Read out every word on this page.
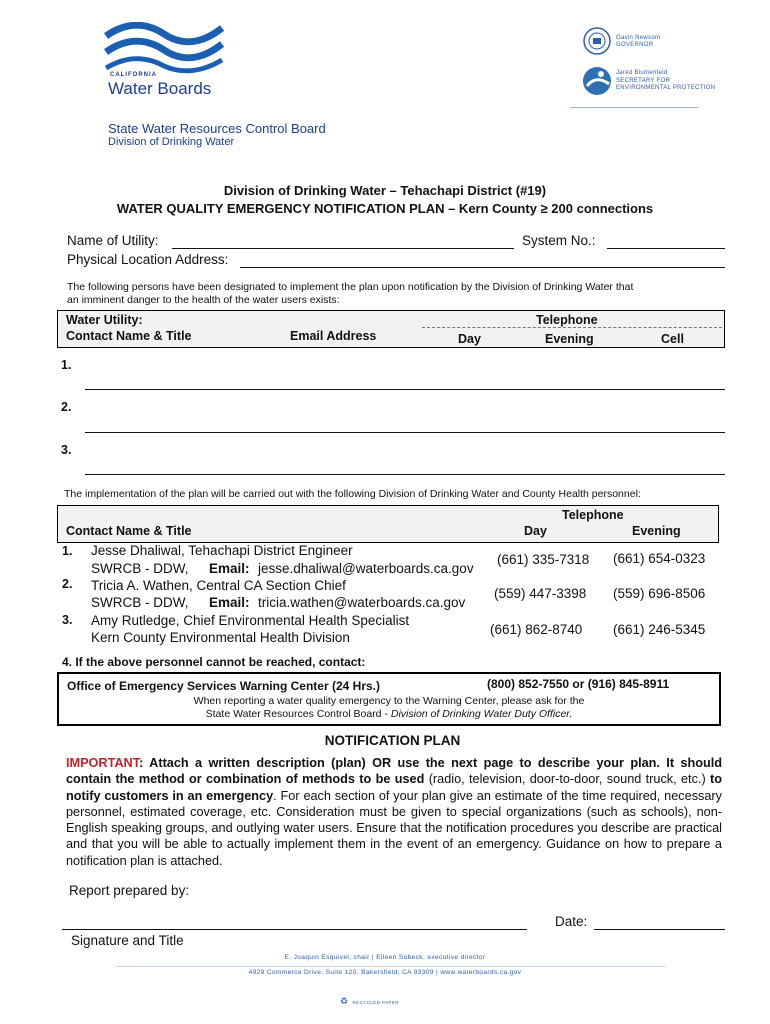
CALIFORNIA
Water Boards
Gavin Newsom
GOVERNOR
Jared Blumenfeld
SECRETARY FOR
ENVIRONMENTAL PROTECTION
State Water Resources Control Board
Division of Drinking Water
Division of Drinking Water – Tehachapi District (#19)
WATER QUALITY EMERGENCY NOTIFICATION PLAN – Kern County ≥ 200 connections
Name of Utility:	System No.:
Physical Location Address:
The following persons have been designated to implement the plan upon notification by the Division of Drinking Water that
an imminent danger to the health of the water users exists:
Water Utility:
Contact Name & Title	Email Address
Telephone
Day	Evening	Cell
1.
2.
3.
The implementation of the plan will be carried out with the following Division of Drinking Water and County Health personnel:
Contact Name & Title
Telephone
Day	Evening
1. Jesse Dhaliwal, Tehachapi District Engineer
SWRCB - DDW, Email: jesse.dhaliwal@waterboards.ca.gov
(661) 335-7318 (661) 654-0323
2. Tricia A. Wathen, Central CA Section Chief
SWRCB - DDW, Email: tricia.wathen@waterboards.ca.gov
(559) 447-3398 (559) 696-8506
3. Amy Rutledge, Chief Environmental Health Specialist
Kern County Environmental Health Division
(661) 862-8740 (661) 246-5345
4. If the above personnel cannot be reached, contact:
Office of Emergency Services Warning Center (24 Hrs.)	(800) 852-7550 or (916) 845-8911
When reporting a water quality emergency to the Warning Center, please ask for the
State Water Resources Control Board - Division of Drinking Water Duty Officer.
NOTIFICATION PLAN
IMPORTANT: Attach a written description (plan) OR use the next page to describe your plan. It should contain the method or combination of methods to be used (radio, television, door-to-door, sound truck, etc.) to notify customers in an emergency. For each section of your plan give an estimate of the time required, necessary personnel, estimated coverage, etc. Consideration must be given to special organizations (such as schools), non-English speaking groups, and outlying water users. Ensure that the notification procedures you describe are practical and that you will be able to actually implement them in the event of an emergency. Guidance on how to prepare a notification plan is attached.
Report prepared by:
Date:
Signature and Title
E. Joaquin Esquivel, chair | Eileen Sobeck, executive director
4929 Commerce Drive, Suite 120, Bakersfield, CA 93309 | www.waterboards.ca.gov
♻ RECYCLED PAPER
